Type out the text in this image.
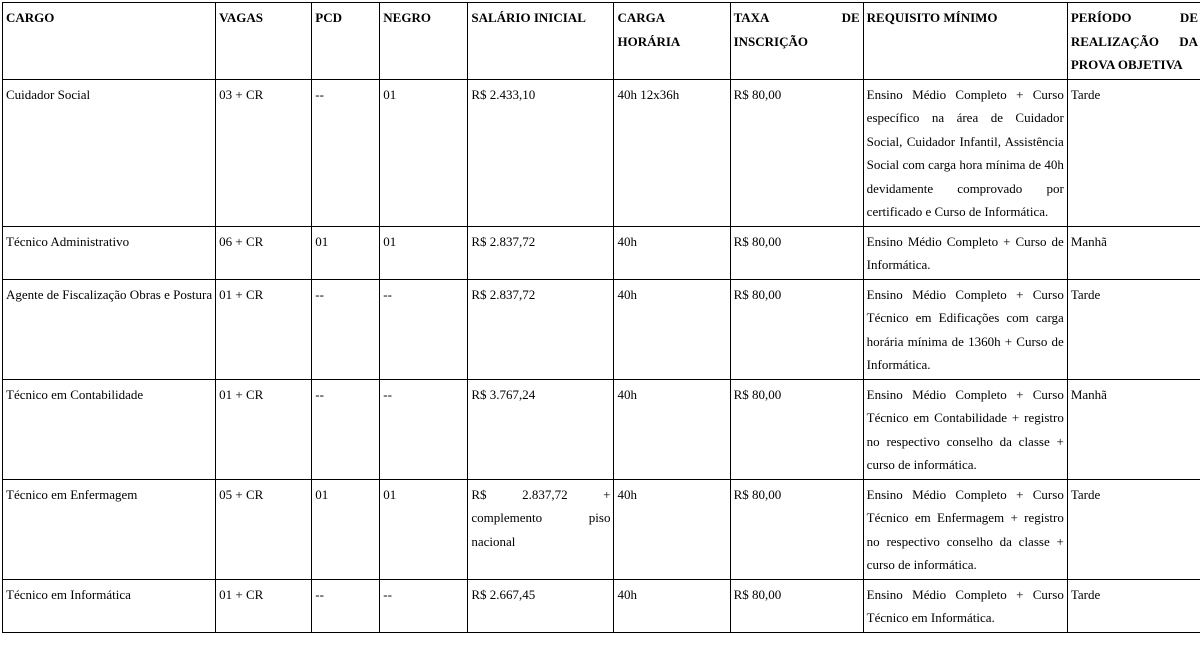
CARGO	VAGAS	PCD	NEGRO	SALÁRIO INICIAL	CARGA HORÁRIA	TAXA DE INSCRIÇÃO	REQUISITO MÍNIMO	PERÍODO DE REALIZAÇÃO DA PROVA OBJETIVA
Cuidador Social	03 + CR	--	01	R$ 2.433,10	40h 12x36h	R$ 80,00	Ensino Médio Completo + Curso específico na área de Cuidador Social, Cuidador Infantil, Assistência Social com carga hora mínima de 40h devidamente comprovado por certificado e Curso de Informática.	Tarde
Técnico Administrativo	06 + CR	01	01	R$ 2.837,72	40h	R$ 80,00	Ensino Médio Completo + Curso de Informática.	Manhã
Agente de Fiscalização Obras e Postura	01 + CR	--	--	R$ 2.837,72	40h	R$ 80,00	Ensino Médio Completo + Curso Técnico em Edificações com carga horária mínima de 1360h + Curso de Informática.	Tarde
Técnico em Contabilidade	01 + CR	--	--	R$ 3.767,24	40h	R$ 80,00	Ensino Médio Completo + Curso Técnico em Contabilidade + registro no respectivo conselho da classe + curso de informática.	Manhã
Técnico em Enfermagem	05 + CR	01	01	R$ 2.837,72 + complemento piso nacional	40h	R$ 80,00	Ensino Médio Completo + Curso Técnico em Enfermagem + registro no respectivo conselho da classe + curso de informática.	Tarde
Técnico em Informática	01 + CR	--	--	R$ 2.667,45	40h	R$ 80,00	Ensino Médio Completo + Curso Técnico em Informática.	Tarde
